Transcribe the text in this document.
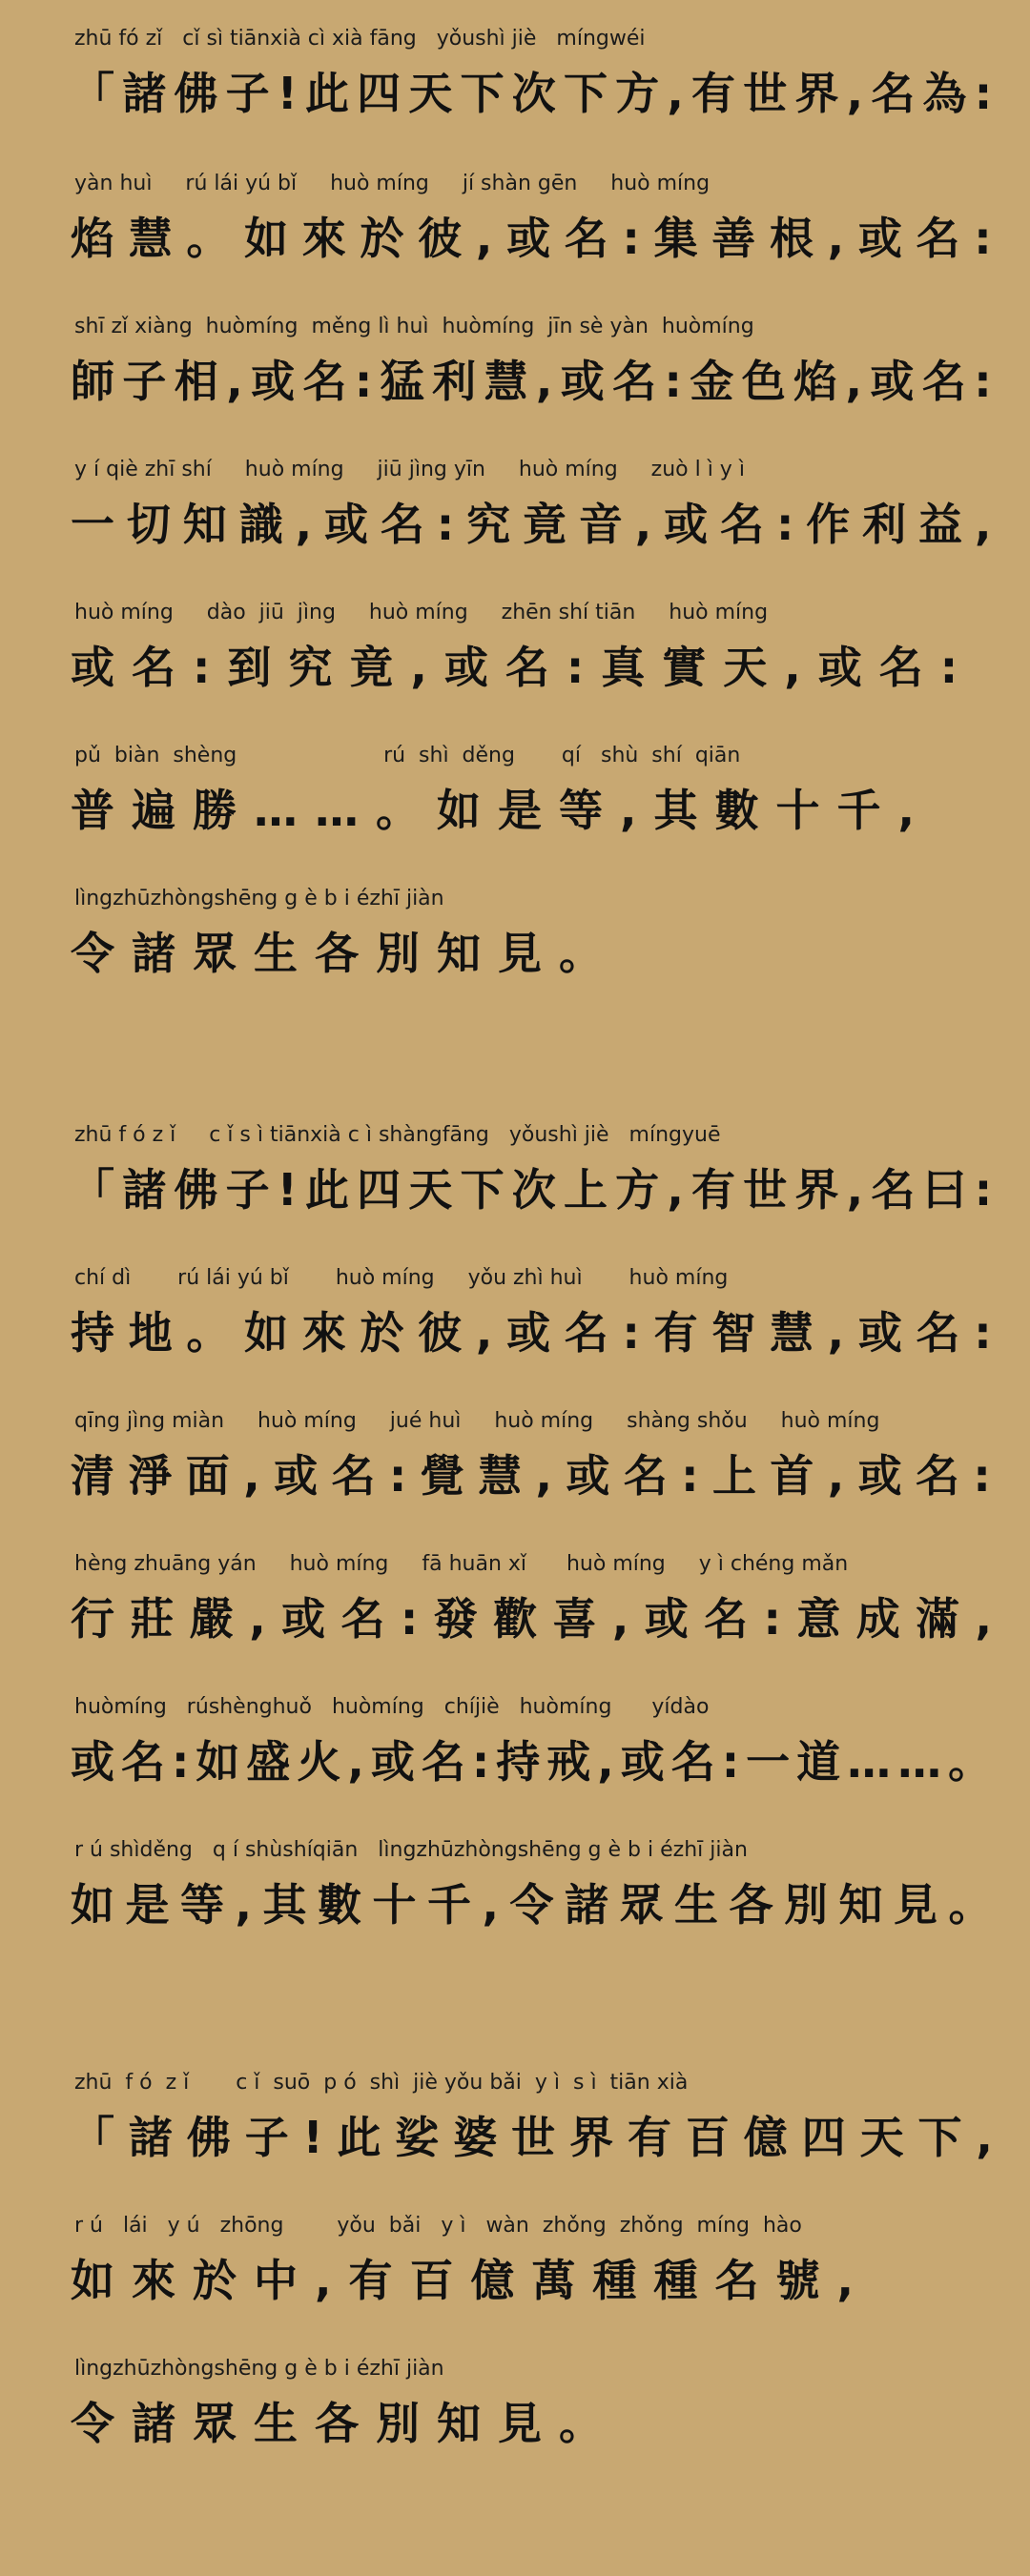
zhū fó zǐ   cǐ sì tiānxià cì xià fāng   yǒushì jiè   míngwéi
「諸佛子!此四天下次下方,有世界,名為:
yàn huì     rú lái yú bǐ     huò míng     jí shàn gēn     huò míng
焰慧。如來於彼,或名:集善根,或名:
shī zǐ xiàng  huòmíng  měng lì huì  huòmíng  jīn sè yàn  huòmíng
師子相,或名:猛利慧,或名:金色焰,或名:
y í qiè zhī shí     huò míng     jiū jìng yīn     huò míng     zuò l ì y ì
一切知識,或名:究竟音,或名:作利益,
huò míng     dào  jiū  jìng     huò míng     zhēn shí tiān     huò míng
或名:到究竟,或名:真實天,或名:
pǔ  biàn  shèng                      rú  shì  děng       qí   shù  shí  qiān
普遍勝……。如是等,其數十千,
lìngzhūzhòngshēng g è b i ézhī jiàn
令諸眾生各別知見。
zhū f ó z ǐ     c ǐ s ì tiānxià c ì shàngfāng   yǒushì jiè   míngyuē
「諸佛子!此四天下次上方,有世界,名曰:
chí dì       rú lái yú bǐ       huò míng     yǒu zhì huì       huò míng
持地。如來於彼,或名:有智慧,或名:
qīng jìng miàn     huò míng     jué huì     huò míng     shàng shǒu     huò míng
清淨面,或名:覺慧,或名:上首,或名:
hèng zhuāng yán     huò míng     fā huān xǐ      huò míng     y ì chéng mǎn
行莊嚴,或名:發歡喜,或名:意成滿,
huòmíng   rúshènghuǒ   huòmíng   chíjiè   huòmíng      yídào
或名:如盛火,或名:持戒,或名:一道……。
r ú shìděng   q í shùshíqiān   lìngzhūzhòngshēng g è b i ézhī jiàn
如是等,其數十千,令諸眾生各別知見。
zhū  f ó  z ǐ       c ǐ  suō  p ó  shì  jiè yǒu bǎi  y ì  s ì  tiān xià
「諸佛子!此娑婆世界有百億四天下,
r ú   lái   y ú   zhōng        yǒu  bǎi   y ì   wàn  zhǒng  zhǒng  míng  hào
如來於中,有百億萬種種名號,
lìngzhūzhòngshēng g è b i ézhī jiàn
令諸眾生各別知見。
